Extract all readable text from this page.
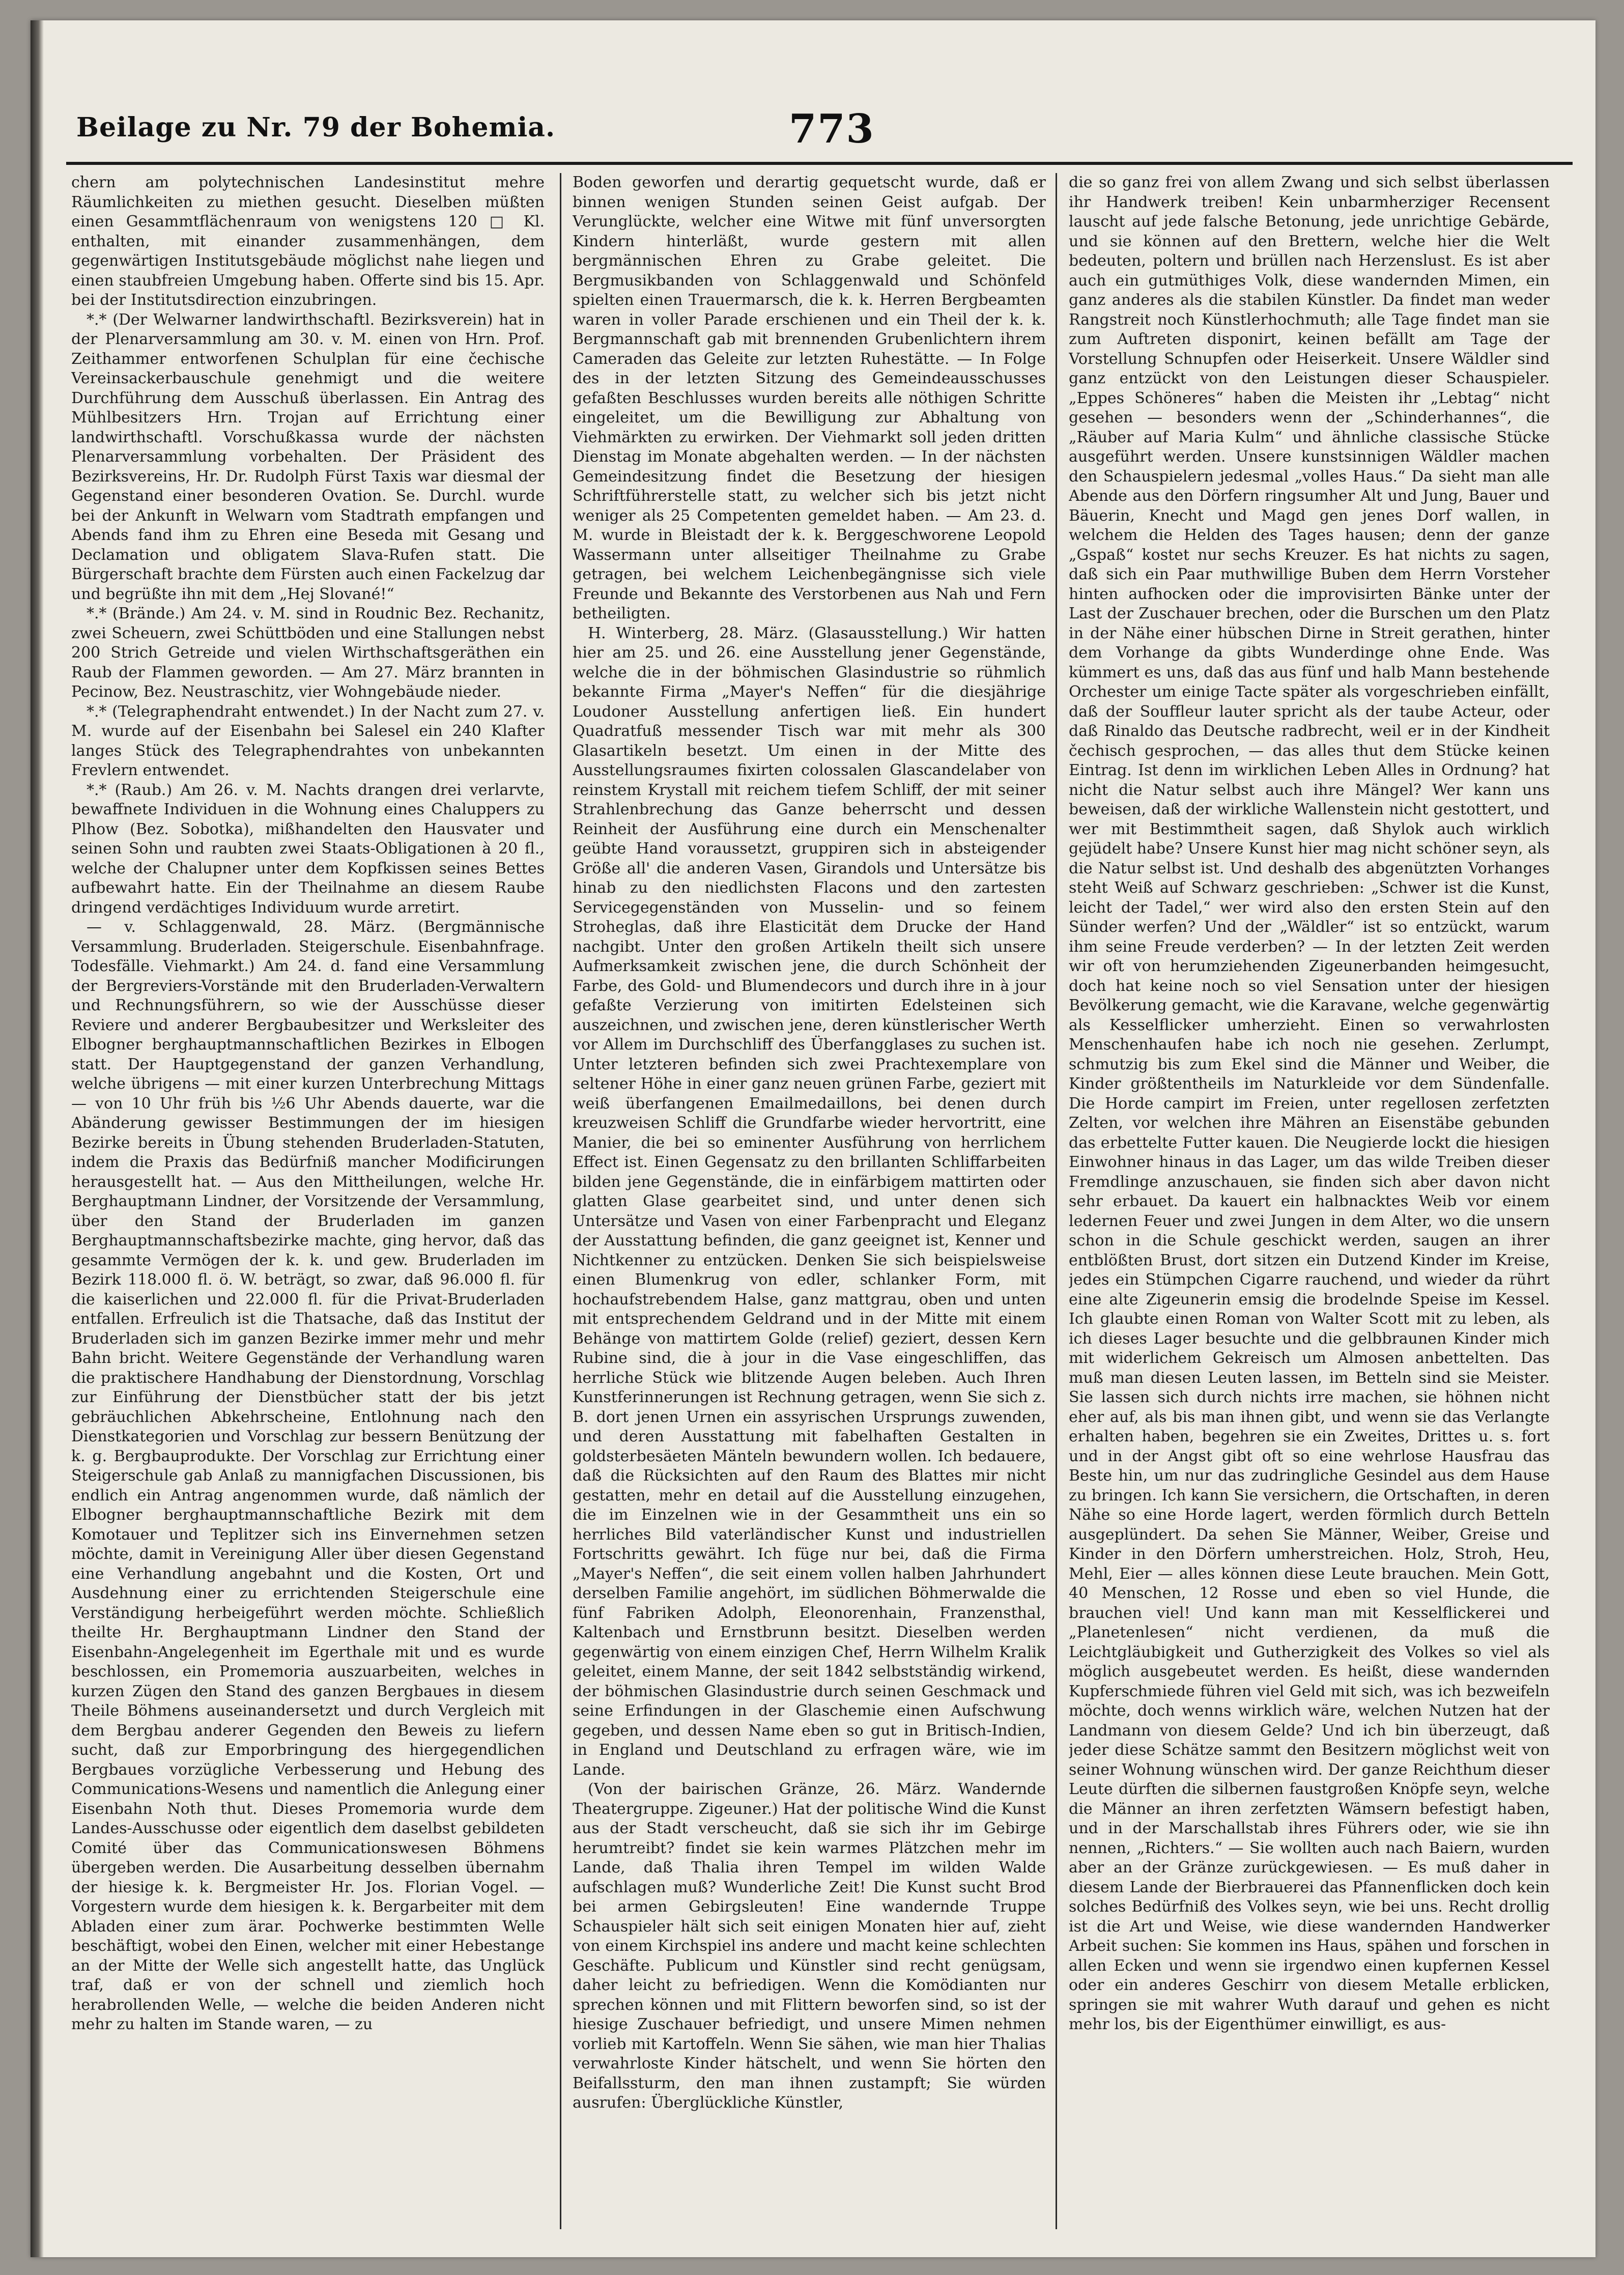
Beilage zu Nr. 79 der Bohemia.	773

chern am polytechnischen Landesinstitut mehre Räumlichkeiten zu miethen gesucht. Dieselben müßten einen Gesammtflächenraum von wenigstens 120 □ Kl. enthalten, mit einander zusammenhängen, dem gegenwärtigen Institutsgebäude möglichst nahe liegen und einen staubfreien Umgebung haben. Offerte sind bis 15. Apr. bei der Institutsdirection einzubringen.

*.* (Der Welwarner landwirthschaftl. Bezirksverein) hat in der Plenarversammlung am 30. v. M. einen von Hrn. Prof. Zeithammer entworfenen Schulplan für eine čechische Vereinsackerbauschule genehmigt und die weitere Durchführung dem Ausschuß überlassen. Ein Antrag des Mühlbesitzers Hrn. Trojan auf Errichtung einer landwirthschaftl. Vorschußkassa wurde der nächsten Plenarversammlung vorbehalten. Der Präsident des Bezirksvereins, Hr. Dr. Rudolph Fürst Taxis war diesmal der Gegenstand einer besonderen Ovation. Se. Durchl. wurde bei der Ankunft in Welwarn vom Stadtrath empfangen und Abends fand ihm zu Ehren eine Beseda mit Gesang und Declamation und obligatem Slava-Rufen statt. Die Bürgerschaft brachte dem Fürsten auch einen Fackelzug dar und begrüßte ihn mit dem „Hej Slované!“

*.* (Brände.) Am 24. v. M. sind in Roudnic Bez. Rechanitz, zwei Scheuern, zwei Schüttböden und eine Stallungen nebst 200 Strich Getreide und vielen Wirthschaftsgeräthen ein Raub der Flammen geworden. — Am 27. März brannten in Pecinow, Bez. Neustraschitz, vier Wohngebäude nieder.

*.* (Telegraphendraht entwendet.) In der Nacht zum 27. v. M. wurde auf der Eisenbahn bei Salesel ein 240 Klafter langes Stück des Telegraphendrahtes von unbekannten Frevlern entwendet.

*.* (Raub.) Am 26. v. M. Nachts drangen drei verlarvte, bewaffnete Individuen in die Wohnung eines Chaluppers zu Plhow (Bez. Sobotka), mißhandelten den Hausvater und seinen Sohn und raubten zwei Staats-Obligationen à 20 fl., welche der Chalupner unter dem Kopfkissen seines Bettes aufbewahrt hatte. Ein der Theilnahme an diesem Raube dringend verdächtiges Individuum wurde arretirt.

— v. Schlaggenwald, 28. März. (Bergmännische Versammlung. Bruderladen. Steigerschule. Eisenbahnfrage. Todesfälle. Viehmarkt.) Am 24. d. fand eine Versammlung der Bergreviers-Vorstände mit den Bruderladen-Verwaltern und Rechnungsführern, so wie der Ausschüsse dieser Reviere und anderer Bergbaubesitzer und Werksleiter des Elbogner berghauptmannschaftlichen Bezirkes in Elbogen statt. Der Hauptgegenstand der ganzen Verhandlung, welche übrigens — mit einer kurzen Unterbrechung Mittags — von 10 Uhr früh bis ½6 Uhr Abends dauerte, war die Abänderung gewisser Bestimmungen der im hiesigen Bezirke bereits in Übung stehenden Bruderladen-Statuten, indem die Praxis das Bedürfniß mancher Modificirungen herausgestellt hat. — Aus den Mittheilungen, welche Hr. Berghauptmann Lindner, der Vorsitzende der Versammlung, über den Stand der Bruderladen im ganzen Berghauptmannschaftsbezirke machte, ging hervor, daß das gesammte Vermögen der k. k. und gew. Bruderladen im Bezirk 118.000 fl. ö. W. beträgt, so zwar, daß 96.000 fl. für die kaiserlichen und 22.000 fl. für die Privat-Bruderladen entfallen. Erfreulich ist die Thatsache, daß das Institut der Bruderladen sich im ganzen Bezirke immer mehr und mehr Bahn bricht. Weitere Gegenstände der Verhandlung waren die praktischere Handhabung der Dienstordnung, Vorschlag zur Einführung der Dienstbücher statt der bis jetzt gebräuchlichen Abkehrscheine, Entlohnung nach den Dienstkategorien und Vorschlag zur bessern Benützung der k. g. Bergbauprodukte. Der Vorschlag zur Errichtung einer Steigerschule gab Anlaß zu mannigfachen Discussionen, bis endlich ein Antrag angenommen wurde, daß nämlich der Elbogner berghauptmannschaftliche Bezirk mit dem Komotauer und Teplitzer sich ins Einvernehmen setzen möchte, damit in Vereinigung Aller über diesen Gegenstand eine Verhandlung angebahnt und die Kosten, Ort und Ausdehnung einer zu errichtenden Steigerschule eine Verständigung herbeigeführt werden möchte. Schließlich theilte Hr. Berghauptmann Lindner den Stand der Eisenbahn-Angelegenheit im Egerthale mit und es wurde beschlossen, ein Promemoria auszuarbeiten, welches in kurzen Zügen den Stand des ganzen Bergbaues in diesem Theile Böhmens auseinandersetzt und durch Vergleich mit dem Bergbau anderer Gegenden den Beweis zu liefern sucht, daß zur Emporbringung des hiergegendlichen Bergbaues vorzügliche Verbesserung und Hebung des Communications-Wesens und namentlich die Anlegung einer Eisenbahn Noth thut. Dieses Promemoria wurde dem Landes-Ausschusse oder eigentlich dem daselbst gebildeten Comité über das Communicationswesen Böhmens übergeben werden. Die Ausarbeitung desselben übernahm der hiesige k. k. Bergmeister Hr. Jos. Florian Vogel. — Vorgestern wurde dem hiesigen k. k. Bergarbeiter mit dem Abladen einer zum ärar. Pochwerke bestimmten Welle beschäftigt, wobei den Einen, welcher mit einer Hebestange an der Mitte der Welle sich angestellt hatte, das Unglück traf, daß er von der schnell und ziemlich hoch herabrollenden Welle, — welche die beiden Anderen nicht mehr zu halten im Stande waren, — zu

Boden geworfen und derartig gequetscht wurde, daß er binnen wenigen Stunden seinen Geist aufgab. Der Verunglückte, welcher eine Witwe mit fünf unversorgten Kindern hinterläßt, wurde gestern mit allen bergmännischen Ehren zu Grabe geleitet. Die Bergmusikbanden von Schlaggenwald und Schönfeld spielten einen Trauermarsch, die k. k. Herren Bergbeamten waren in voller Parade erschienen und ein Theil der k. k. Bergmannschaft gab mit brennenden Grubenlichtern ihrem Cameraden das Geleite zur letzten Ruhestätte. — In Folge des in der letzten Sitzung des Gemeindeausschusses gefaßten Beschlusses wurden bereits alle nöthigen Schritte eingeleitet, um die Bewilligung zur Abhaltung von Viehmärkten zu erwirken. Der Viehmarkt soll jeden dritten Dienstag im Monate abgehalten werden. — In der nächsten Gemeindesitzung findet die Besetzung der hiesigen Schriftführerstelle statt, zu welcher sich bis jetzt nicht weniger als 25 Competenten gemeldet haben. — Am 23. d. M. wurde in Bleistadt der k. k. Berggeschworene Leopold Wassermann unter allseitiger Theilnahme zu Grabe getragen, bei welchem Leichenbegängnisse sich viele Freunde und Bekannte des Verstorbenen aus Nah und Fern betheiligten.

H. Winterberg, 28. März. (Glasausstellung.) Wir hatten hier am 25. und 26. eine Ausstellung jener Gegenstände, welche die in der böhmischen Glasindustrie so rühmlich bekannte Firma „Mayer's Neffen“ für die diesjährige Loudoner Ausstellung anfertigen ließ. Ein hundert Quadratfuß messender Tisch war mit mehr als 300 Glasartikeln besetzt. Um einen in der Mitte des Ausstellungsraumes fixirten colossalen Glascandelaber von reinstem Krystall mit reichem tiefem Schliff, der mit seiner Strahlenbrechung das Ganze beherrscht und dessen Reinheit der Ausführung eine durch ein Menschenalter geübte Hand voraussetzt, gruppiren sich in absteigender Größe all' die anderen Vasen, Girandols und Untersätze bis hinab zu den niedlichsten Flacons und den zartesten Servicegegenständen von Musselin- und so feinem Stroheglas, daß ihre Elasticität dem Drucke der Hand nachgibt. Unter den großen Artikeln theilt sich unsere Aufmerksamkeit zwischen jene, die durch Schönheit der Farbe, des Gold- und Blumendecors und durch ihre in à jour gefaßte Verzierung von imitirten Edelsteinen sich auszeichnen, und zwischen jene, deren künstlerischer Werth vor Allem im Durchschliff des Überfangglases zu suchen ist. Unter letzteren befinden sich zwei Prachtexemplare von seltener Höhe in einer ganz neuen grünen Farbe, geziert mit weiß überfangenen Emailmedaillons, bei denen durch kreuzweisen Schliff die Grundfarbe wieder hervortritt, eine Manier, die bei so eminenter Ausführung von herrlichem Effect ist. Einen Gegensatz zu den brillanten Schliffarbeiten bilden jene Gegenstände, die in einfärbigem mattirten oder glatten Glase gearbeitet sind, und unter denen sich Untersätze und Vasen von einer Farbenpracht und Eleganz der Ausstattung befinden, die ganz geeignet ist, Kenner und Nichtkenner zu entzücken. Denken Sie sich beispielsweise einen Blumenkrug von edler, schlanker Form, mit hochaufstrebendem Halse, ganz mattgrau, oben und unten mit entsprechendem Geldrand und in der Mitte mit einem Behänge von mattirtem Golde (relief) geziert, dessen Kern Rubine sind, die à jour in die Vase eingeschliffen, das herrliche Stück wie blitzende Augen beleben. Auch Ihren Kunstferinnerungen ist Rechnung getragen, wenn Sie sich z. B. dort jenen Urnen ein assyrischen Ursprungs zuwenden, und deren Ausstattung mit fabelhaften Gestalten in goldsterbesäeten Mänteln bewundern wollen. Ich bedauere, daß die Rücksichten auf den Raum des Blattes mir nicht gestatten, mehr en detail auf die Ausstellung einzugehen, die im Einzelnen wie in der Gesammtheit uns ein so herrliches Bild vaterländischer Kunst und industriellen Fortschritts gewährt. Ich füge nur bei, daß die Firma „Mayer's Neffen“, die seit einem vollen halben Jahrhundert derselben Familie angehört, im südlichen Böhmerwalde die fünf Fabriken Adolph, Eleonorenhain, Franzensthal, Kaltenbach und Ernstbrunn besitzt. Dieselben werden gegenwärtig von einem einzigen Chef, Herrn Wilhelm Kralik geleitet, einem Manne, der seit 1842 selbstständig wirkend, der böhmischen Glasindustrie durch seinen Geschmack und seine Erfindungen in der Glaschemie einen Aufschwung gegeben, und dessen Name eben so gut in Britisch-Indien, in England und Deutschland zu erfragen wäre, wie im Lande.

(Von der bairischen Gränze, 26. März. Wandernde Theatergruppe. Zigeuner.) Hat der politische Wind die Kunst aus der Stadt verscheucht, daß sie sich ihr im Gebirge herumtreibt? findet sie kein warmes Plätzchen mehr im Lande, daß Thalia ihren Tempel im wilden Walde aufschlagen muß? Wunderliche Zeit! Die Kunst sucht Brod bei armen Gebirgsleuten! Eine wandernde Truppe Schauspieler hält sich seit einigen Monaten hier auf, zieht von einem Kirchspiel ins andere und macht keine schlechten Geschäfte. Publicum und Künstler sind recht genügsam, daher leicht zu befriedigen. Wenn die Komödianten nur sprechen können und mit Flittern beworfen sind, so ist der hiesige Zuschauer befriedigt, und unsere Mimen nehmen vorlieb mit Kartoffeln. Wenn Sie sähen, wie man hier Thalias verwahrloste Kinder hätschelt, und wenn Sie hörten den Beifallssturm, den man ihnen zustampft; Sie würden ausrufen: Überglückliche Künstler,

die so ganz frei von allem Zwang und sich selbst überlassen ihr Handwerk treiben! Kein unbarmherziger Recensent lauscht auf jede falsche Betonung, jede unrichtige Gebärde, und sie können auf den Brettern, welche hier die Welt bedeuten, poltern und brüllen nach Herzenslust. Es ist aber auch ein gutmüthiges Volk, diese wandernden Mimen, ein ganz anderes als die stabilen Künstler. Da findet man weder Rangstreit noch Künstlerhochmuth; alle Tage findet man sie zum Auftreten disponirt, keinen befällt am Tage der Vorstellung Schnupfen oder Heiserkeit. Unsere Wäldler sind ganz entzückt von den Leistungen dieser Schauspieler. „Eppes Schöneres“ haben die Meisten ihr „Lebtag“ nicht gesehen — besonders wenn der „Schinderhannes“, die „Räuber auf Maria Kulm“ und ähnliche classische Stücke ausgeführt werden. Unsere kunstsinnigen Wäldler machen den Schauspielern jedesmal „volles Haus.“ Da sieht man alle Abende aus den Dörfern ringsumher Alt und Jung, Bauer und Bäuerin, Knecht und Magd gen jenes Dorf wallen, in welchem die Helden des Tages hausen; denn der ganze „Gspaß“ kostet nur sechs Kreuzer. Es hat nichts zu sagen, daß sich ein Paar muthwillige Buben dem Herrn Vorsteher hinten aufhocken oder die improvisirten Bänke unter der Last der Zuschauer brechen, oder die Burschen um den Platz in der Nähe einer hübschen Dirne in Streit gerathen, hinter dem Vorhange da gibts Wunderdinge ohne Ende. Was kümmert es uns, daß das aus fünf und halb Mann bestehende Orchester um einige Tacte später als vorgeschrieben einfällt, daß der Souffleur lauter spricht als der taube Acteur, oder daß Rinaldo das Deutsche radbrecht, weil er in der Kindheit čechisch gesprochen, — das alles thut dem Stücke keinen Eintrag. Ist denn im wirklichen Leben Alles in Ordnung? hat nicht die Natur selbst auch ihre Mängel? Wer kann uns beweisen, daß der wirkliche Wallenstein nicht gestottert, und wer mit Bestimmtheit sagen, daß Shylok auch wirklich gejüdelt habe? Unsere Kunst hier mag nicht schöner seyn, als die Natur selbst ist. Und deshalb des abgenützten Vorhanges steht Weiß auf Schwarz geschrieben: „Schwer ist die Kunst, leicht der Tadel,“ wer wird also den ersten Stein auf den Sünder werfen? Und der „Wäldler“ ist so entzückt, warum ihm seine Freude verderben? — In der letzten Zeit werden wir oft von herumziehenden Zigeunerbanden heimgesucht, doch hat keine noch so viel Sensation unter der hiesigen Bevölkerung gemacht, wie die Karavane, welche gegenwärtig als Kesselflicker umherzieht. Einen so verwahrlosten Menschenhaufen habe ich noch nie gesehen. Zerlumpt, schmutzig bis zum Ekel sind die Männer und Weiber, die Kinder größtentheils im Naturkleide vor dem Sündenfalle. Die Horde campirt im Freien, unter regellosen zerfetzten Zelten, vor welchen ihre Mähren an Eisenstäbe gebunden das erbettelte Futter kauen. Die Neugierde lockt die hiesigen Einwohner hinaus in das Lager, um das wilde Treiben dieser Fremdlinge anzuschauen, sie finden sich aber davon nicht sehr erbauet. Da kauert ein halbnacktes Weib vor einem ledernen Feuer und zwei Jungen in dem Alter, wo die unsern schon in die Schule geschickt werden, saugen an ihrer entblößten Brust, dort sitzen ein Dutzend Kinder im Kreise, jedes ein Stümpchen Cigarre rauchend, und wieder da rührt eine alte Zigeunerin emsig die brodelnde Speise im Kessel. Ich glaubte einen Roman von Walter Scott mit zu leben, als ich dieses Lager besuchte und die gelbbraunen Kinder mich mit widerlichem Gekreisch um Almosen anbettelten. Das muß man diesen Leuten lassen, im Betteln sind sie Meister. Sie lassen sich durch nichts irre machen, sie höhnen nicht eher auf, als bis man ihnen gibt, und wenn sie das Verlangte erhalten haben, begehren sie ein Zweites, Drittes u. s. fort und in der Angst gibt oft so eine wehrlose Hausfrau das Beste hin, um nur das zudringliche Gesindel aus dem Hause zu bringen. Ich kann Sie versichern, die Ortschaften, in deren Nähe so eine Horde lagert, werden förmlich durch Betteln ausgeplündert. Da sehen Sie Männer, Weiber, Greise und Kinder in den Dörfern umherstreichen. Holz, Stroh, Heu, Mehl, Eier — alles können diese Leute brauchen. Mein Gott, 40 Menschen, 12 Rosse und eben so viel Hunde, die brauchen viel! Und kann man mit Kesselflickerei und „Planetenlesen“ nicht verdienen, da muß die Leichtgläubigkeit und Gutherzigkeit des Volkes so viel als möglich ausgebeutet werden. Es heißt, diese wandernden Kupferschmiede führen viel Geld mit sich, was ich bezweifeln möchte, doch wenns wirklich wäre, welchen Nutzen hat der Landmann von diesem Gelde? Und ich bin überzeugt, daß jeder diese Schätze sammt den Besitzern möglichst weit von seiner Wohnung wünschen wird. Der ganze Reichthum dieser Leute dürften die silbernen faustgroßen Knöpfe seyn, welche die Männer an ihren zerfetzten Wämsern befestigt haben, und in der Marschallstab ihres Führers oder, wie sie ihn nennen, „Richters.“ — Sie wollten auch nach Baiern, wurden aber an der Gränze zurückgewiesen. — Es muß daher in diesem Lande der Bierbrauerei das Pfannenflicken doch kein solches Bedürfniß des Volkes seyn, wie bei uns. Recht drollig ist die Art und Weise, wie diese wandernden Handwerker Arbeit suchen: Sie kommen ins Haus, spähen und forschen in allen Ecken und wenn sie irgendwo einen kupfernen Kessel oder ein anderes Geschirr von diesem Metalle erblicken, springen sie mit wahrer Wuth darauf und gehen es nicht mehr los, bis der Eigenthümer einwilligt, es aus-
